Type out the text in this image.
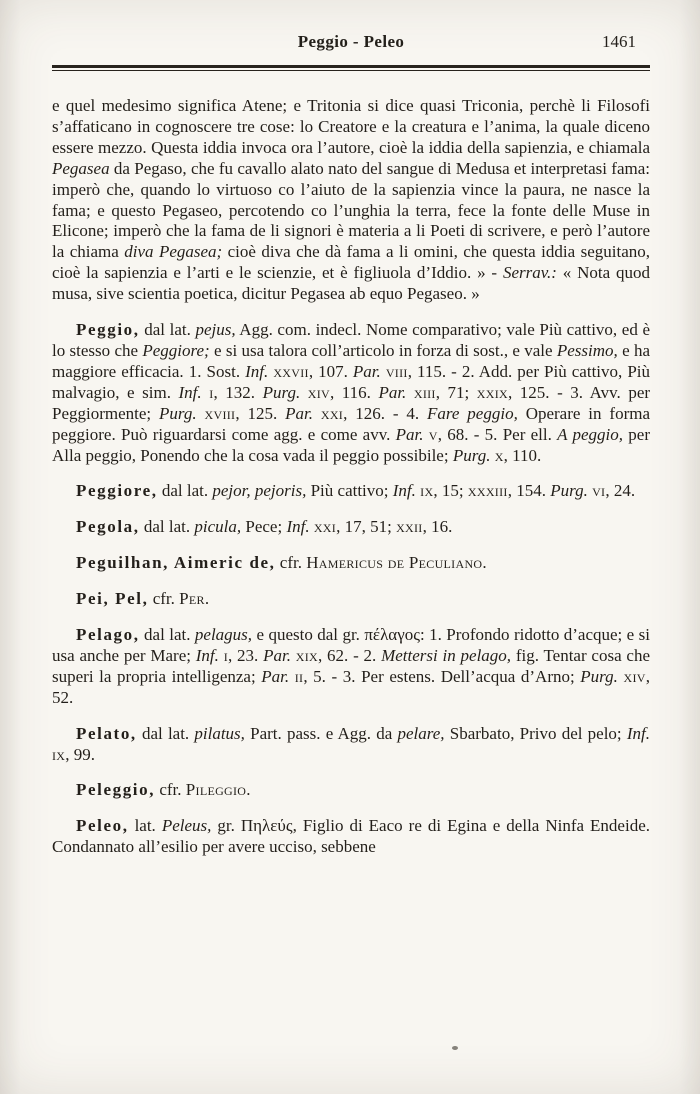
Peggio - Peleo	1461

e quel medesimo significa Atene; e Tritonia si dice quasi Triconia, perchè li Filosofi s’affaticano in cognoscere tre cose: lo Creatore e la creatura e l’anima, la quale diceno essere mezzo. Questa iddia invoca ora l’autore, cioè la iddia della sapienzia, e chiamala Pegasea da Pegaso, che fu cavallo alato nato del sangue di Medusa et interpretasi fama: imperò che, quando lo virtuoso co l’aiuto de la sapienzia vince la paura, ne nasce la fama; e questo Pegaseo, percotendo co l’unghia la terra, fece la fonte delle Muse in Elicone; imperò che la fama de li signori è materia a li Poeti di scrivere, e però l’autore la chiama diva Pegasea; cioè diva che dà fama a li omini, che questa iddia seguitano, cioè la sapienzia e l’arti e le scienzie, et è figliuola d’Iddio. » - Serrav.: « Nota quod musa, sive scientia poetica, dicitur Pegasea ab equo Pegaseo. »

Peggio, dal lat. pejus, Agg. com. indecl. Nome comparativo; vale Più cattivo, ed è lo stesso che Peggiore; e si usa talora coll’articolo in forza di sost., e vale Pessimo, e ha maggiore efficacia. 1. Sost. Inf. xxvii, 107. Par. viii, 115. - 2. Add. per Più cattivo, Più malvagio, e sim. Inf. i, 132. Purg. xiv, 116. Par. xiii, 71; xxix, 125. - 3. Avv. per Peggiormente; Purg. xviii, 125. Par. xxi, 126. - 4. Fare peggio, Operare in forma peggiore. Può riguardarsi come agg. e come avv. Par. v, 68. - 5. Per ell. A peggio, per Alla peggio, Ponendo che la cosa vada il peggio possibile; Purg. x, 110.

Peggiore, dal lat. pejor, pejoris, Più cattivo; Inf. ix, 15; xxxiii, 154. Purg. vi, 24.

Pegola, dal lat. picula, Pece; Inf. xxi, 17, 51; xxii, 16.

Peguilhan, Aimeric de, cfr. Hamericus de Peculiano.

Pei, Pel, cfr. Per.

Pelago, dal lat. pelagus, e questo dal gr. πέλαγος: 1. Profondo ridotto d’acque; e si usa anche per Mare; Inf. i, 23. Par. xix, 62. - 2. Mettersi in pelago, fig. Tentar cosa che superi la propria intelligenza; Par. ii, 5. - 3. Per estens. Dell’acqua d’Arno; Purg. xiv, 52.

Pelato, dal lat. pilatus, Part. pass. e Agg. da pelare, Sbarbato, Privo del pelo; Inf. ix, 99.

Peleggio, cfr. Pileggio.

Peleo, lat. Peleus, gr. Πηλεύς, Figlio di Eaco re di Egina e della Ninfa Endeide. Condannato all’esilio per avere ucciso, sebbene
